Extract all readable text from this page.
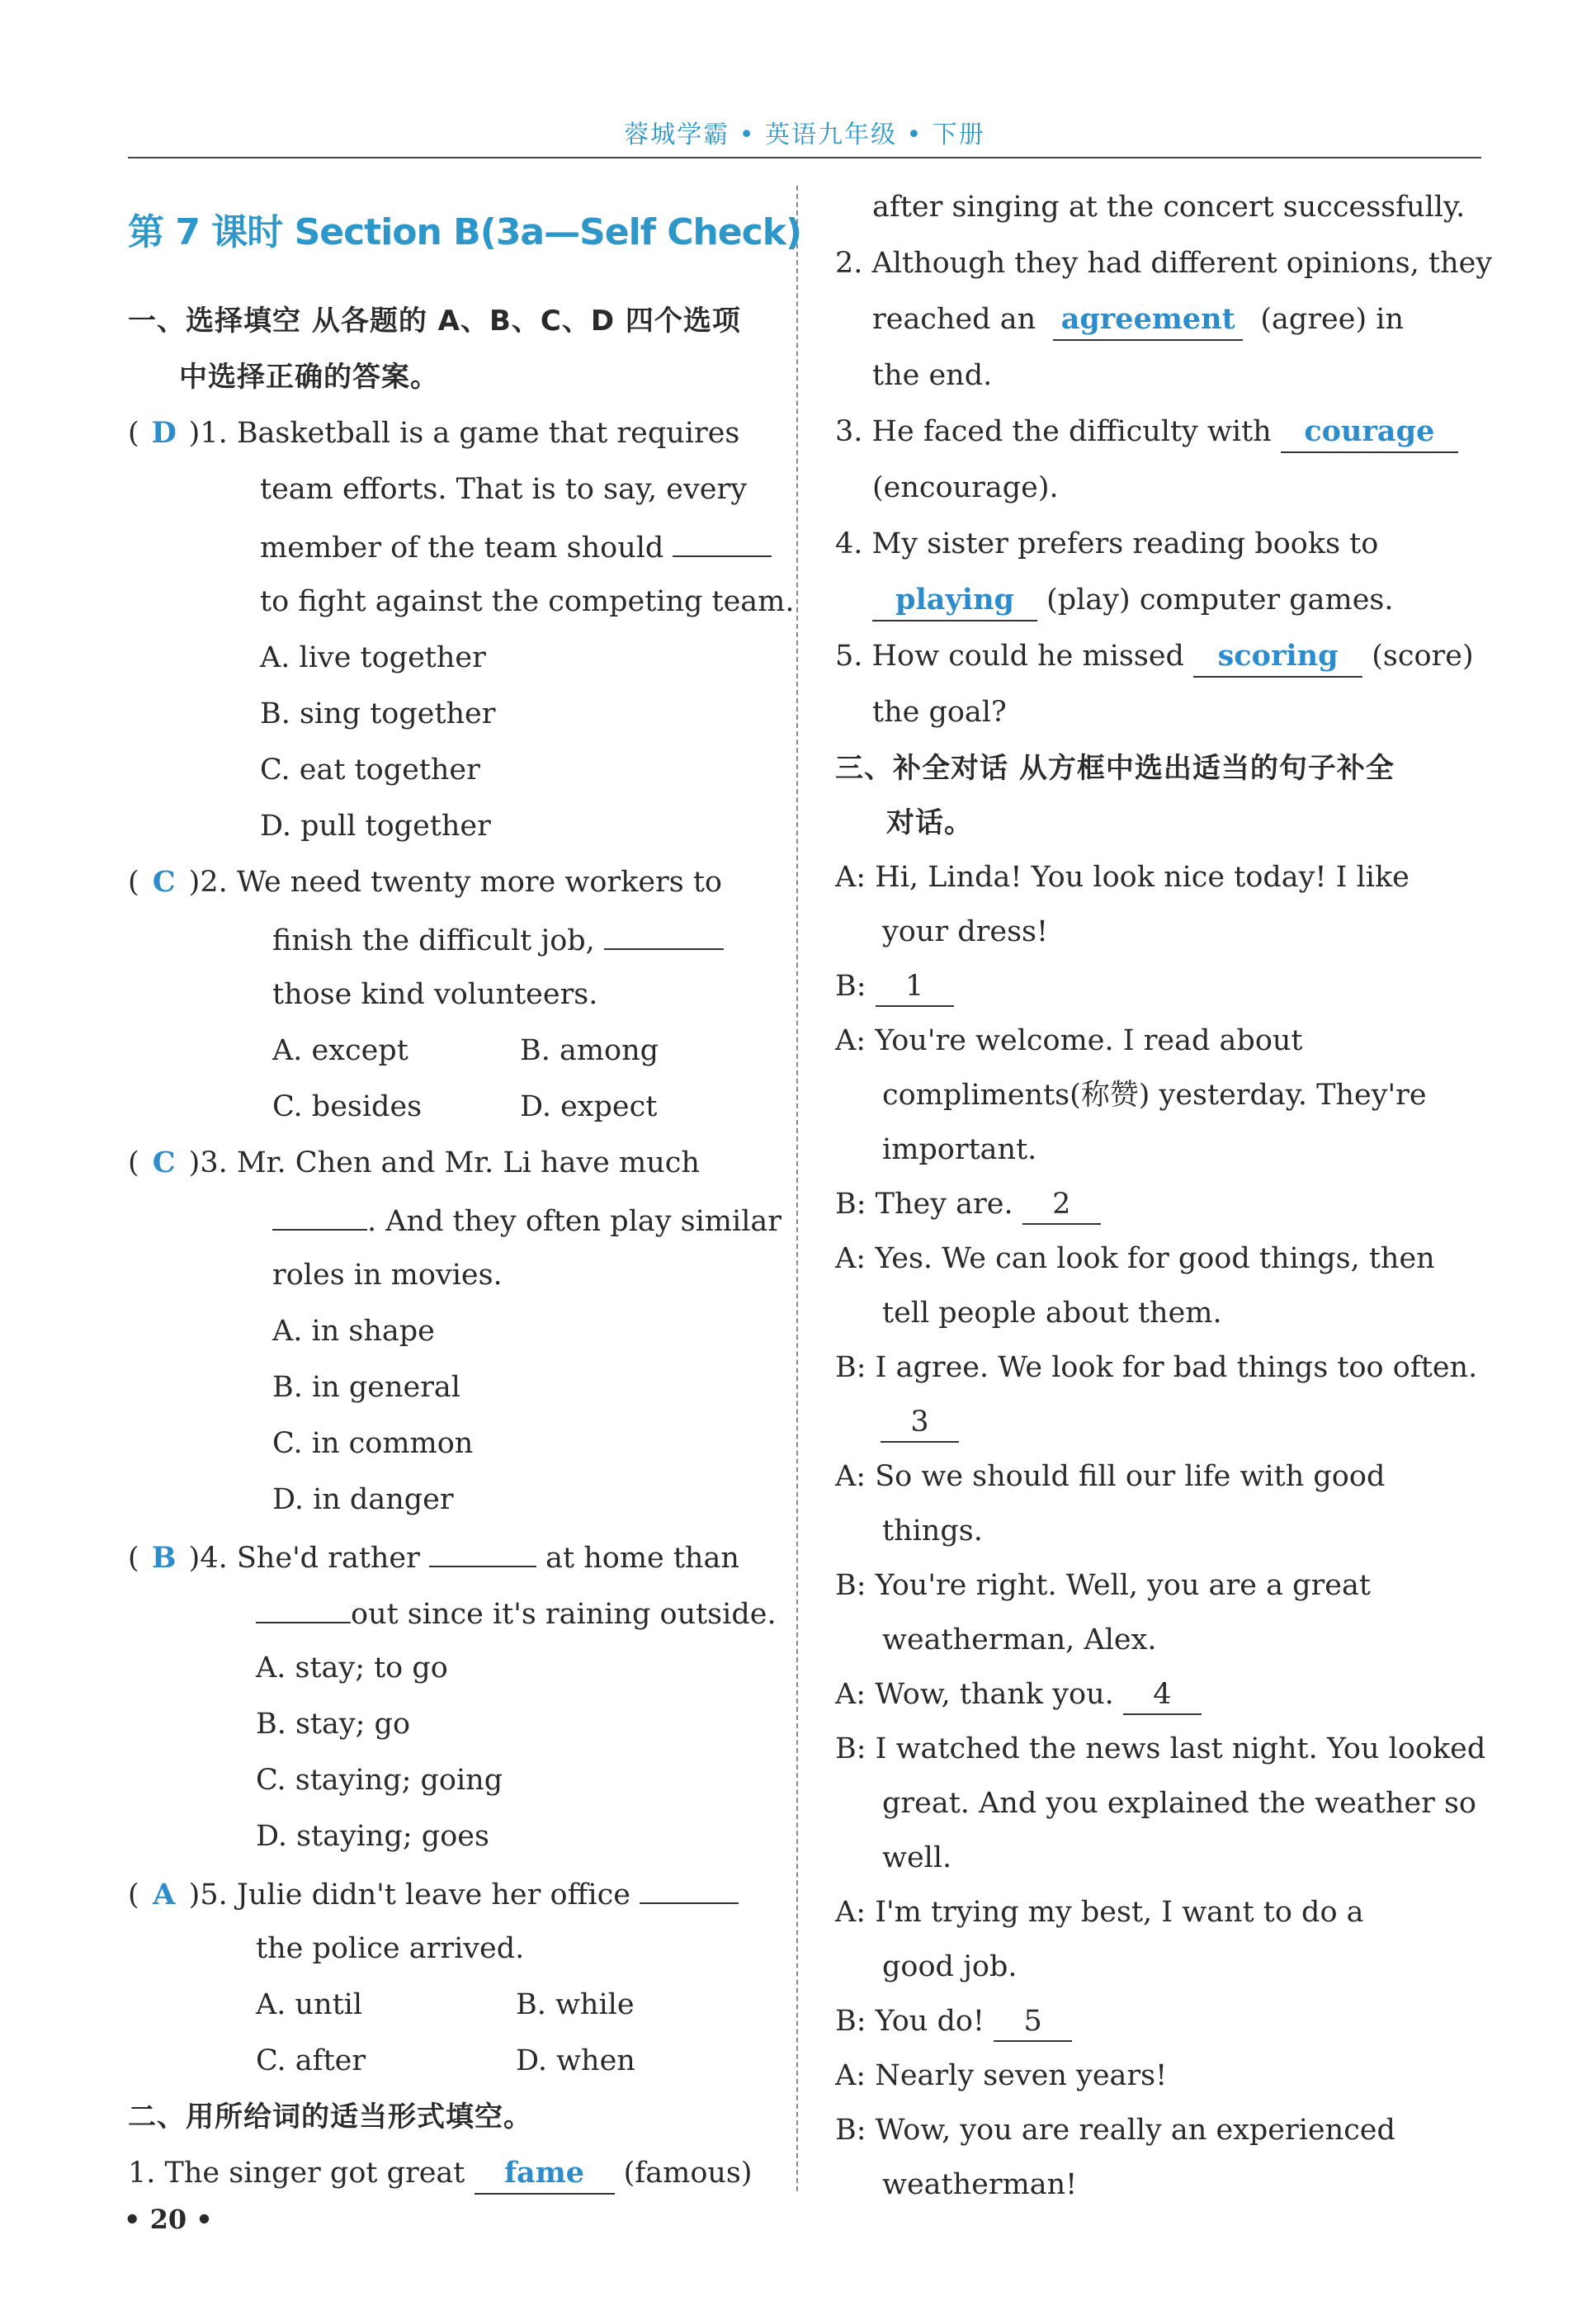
蓉城学霸 • 英语九年级 • 下册
第 7 课时 Section B(3a—Self Check)
一、选择填空 从各题的 A、B、C、D 四个选项
中选择正确的答案。
( D )1. Basketball is a game that requires
team efforts. That is to say, every
member of the team should
to fight against the competing team.
A. live together
B. sing together
C. eat together
D. pull together
( C )2. We need twenty more workers to
finish the difficult job,
those kind volunteers.
A. except	B. among
C. besides	D. expect
( C )3. Mr. Chen and Mr. Li have much
. And they often play similar
roles in movies.
A. in shape
B. in general
C. in common
D. in danger
( B )4. She'd rather	at home than
out since it's raining outside.
A. stay; to go
B. stay; go
C. staying; going
D. staying; goes
( A )5. Julie didn't leave her office
the police arrived.
A. until	B. while
C. after	D. when
二、用所给词的适当形式填空。
1. The singer got great fame (famous)
after singing at the concert successfully.
2. Although they had different opinions, they
reached an agreement (agree) in
the end.
3. He faced the difficulty with courage
(encourage).
4. My sister prefers reading books to
playing (play) computer games.
5. How could he missed scoring (score)
the goal?
三、补全对话 从方框中选出适当的句子补全
对话。
A: Hi, Linda! You look nice today! I like
your dress!
B: 1
A: You're welcome. I read about
compliments(称赞) yesterday. They're
important.
B: They are. 2
A: Yes. We can look for good things, then
tell people about them.
B: I agree. We look for bad things too often.
3
A: So we should fill our life with good
things.
B: You're right. Well, you are a great
weatherman, Alex.
A: Wow, thank you. 4
B: I watched the news last night. You looked
great. And you explained the weather so
well.
A: I'm trying my best, I want to do a
good job.
B: You do! 5
A: Nearly seven years!
B: Wow, you are really an experienced
weatherman!
• 20 •
